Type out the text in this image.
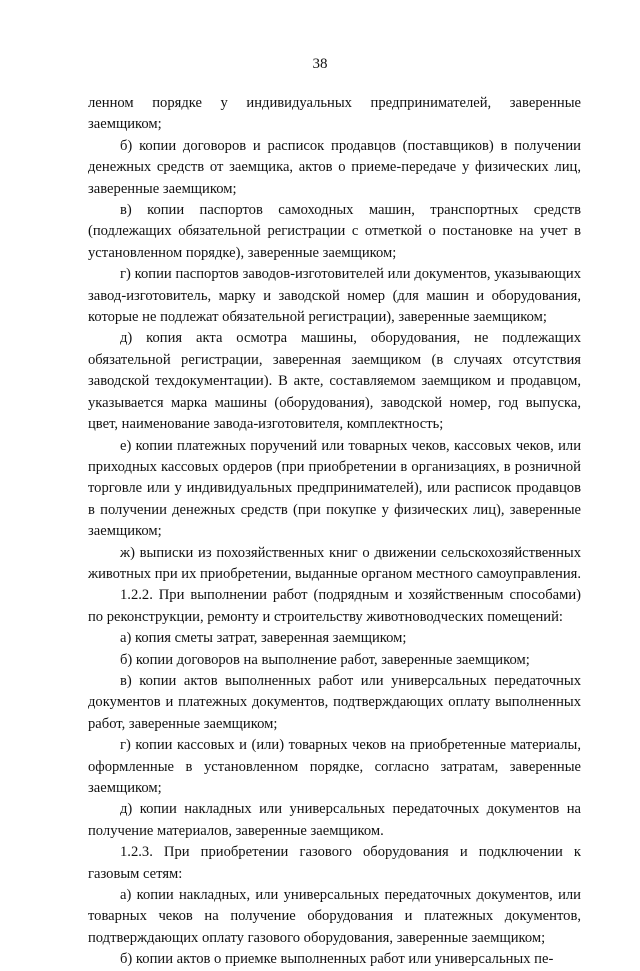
38

ленном порядке у индивидуальных предпринимателей, заверенные заемщиком;

б) копии договоров и расписок продавцов (поставщиков) в получении денежных средств от заемщика, актов о приеме-передаче у физических лиц, заверенные заемщиком;

в) копии паспортов самоходных машин, транспортных средств (подлежащих обязательной регистрации с отметкой о постановке на учет в установленном порядке), заверенные заемщиком;

г) копии паспортов заводов-изготовителей или документов, указывающих завод-изготовитель, марку и заводской номер (для машин и оборудования, которые не подлежат обязательной регистрации), заверенные заемщиком;

д) копия акта осмотра машины, оборудования, не подлежащих обязательной регистрации, заверенная заемщиком (в случаях отсутствия заводской техдокументации). В акте, составляемом заемщиком и продавцом, указывается марка машины (оборудования), заводской номер, год выпуска, цвет, наименование завода-изготовителя, комплектность;

е) копии платежных поручений или товарных чеков, кассовых чеков, или приходных кассовых ордеров (при приобретении в организациях, в розничной торговле или у индивидуальных предпринимателей), или расписок продавцов в получении денежных средств (при покупке у физических лиц), заверенные заемщиком;

ж) выписки из похозяйственных книг о движении сельскохозяйственных животных при их приобретении, выданные органом местного самоуправления.

1.2.2. При выполнении работ (подрядным и хозяйственным способами) по реконструкции, ремонту и строительству животноводческих помещений:

а) копия сметы затрат, заверенная заемщиком;

б) копии договоров на выполнение работ, заверенные заемщиком;

в) копии актов выполненных работ или универсальных передаточных документов и платежных документов, подтверждающих оплату выполненных работ, заверенные заемщиком;

г) копии кассовых и (или) товарных чеков на приобретенные материалы, оформленные в установленном порядке, согласно затратам, заверенные заемщиком;

д) копии накладных или универсальных передаточных документов на получение материалов, заверенные заемщиком.

1.2.3. При приобретении газового оборудования и подключении к газовым сетям:

а) копии накладных, или универсальных передаточных документов, или товарных чеков на получение оборудования и платежных документов, подтверждающих оплату газового оборудования, заверенные заемщиком;

б) копии актов о приемке выполненных работ или универсальных пе-
